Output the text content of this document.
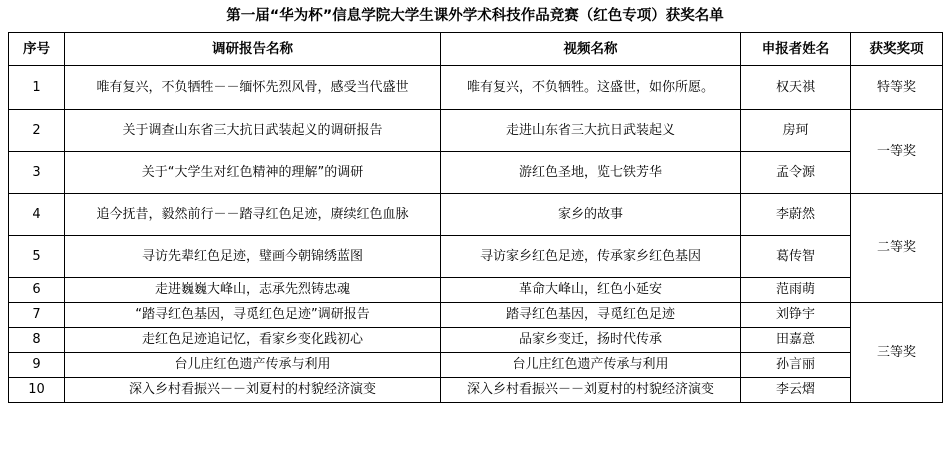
第一届“华为杯”信息学院大学生课外学术科技作品竞赛（红色专项）获奖名单
序号	调研报告名称	视频名称	申报者姓名	获奖奖项
1	唯有复兴，不负牺牲－－缅怀先烈风骨，感受当代盛世	唯有复兴，不负牺牲。这盛世，如你所愿。	权天祺	特等奖
2	关于调查山东省三大抗日武装起义的调研报告	走进山东省三大抗日武装起义	房珂	一等奖
3	关于“大学生对红色精神的理解”的调研	游红色圣地，览七铁芳华	孟令源	
4	追今抚昔，毅然前行－－踏寻红色足迹，赓续红色血脉	家乡的故事	李蔚然	二等奖
5	寻访先辈红色足迹，璧画今朝锦绣蓝图	寻访家乡红色足迹，传承家乡红色基因	葛传智	
6	走进巍巍大峰山，志承先烈铸忠魂	革命大峰山，红色小延安	范雨萌	
7	“踏寻红色基因，寻觅红色足迹”调研报告	踏寻红色基因，寻觅红色足迹	刘铮宇	三等奖
8	走红色足迹追记忆，看家乡变化践初心	品家乡变迁，扬时代传承	田嘉意	
9	台儿庄红色遗产传承与利用	台儿庄红色遗产传承与利用	孙言丽	
10	深入乡村看振兴－－刘夏村的村貌经济演变	深入乡村看振兴－－刘夏村的村貌经济演变	李云熠	
